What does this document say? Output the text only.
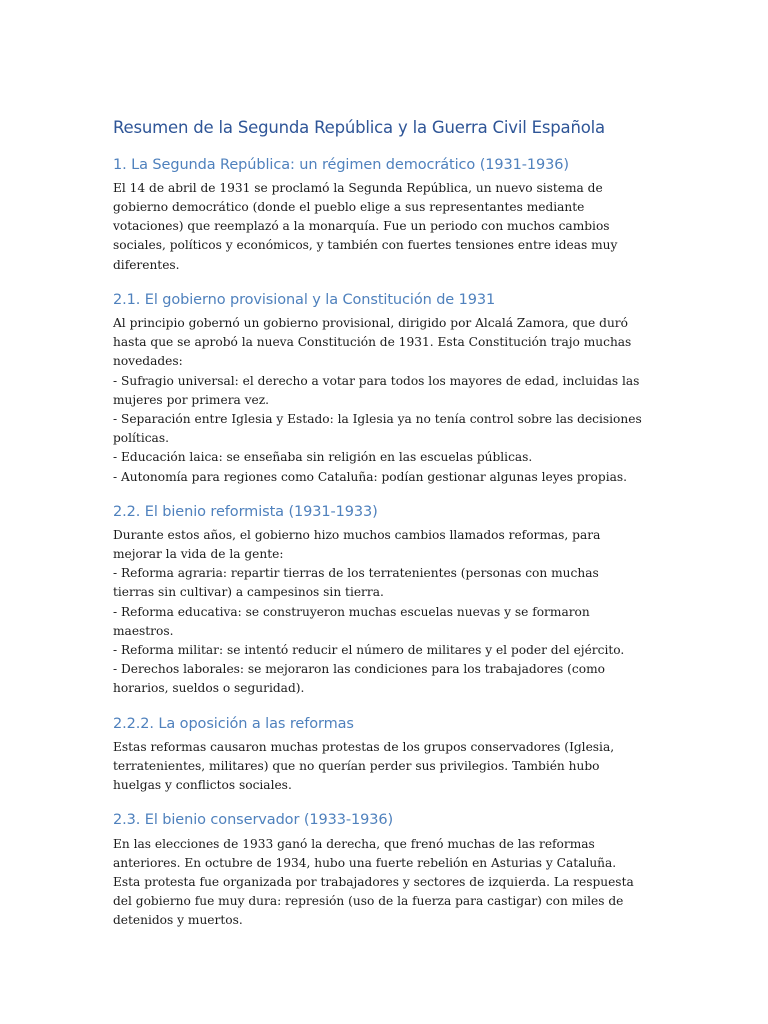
Resumen de la Segunda República y la Guerra Civil Española
1. La Segunda República: un régimen democrático (1931-1936)

El 14 de abril de 1931 se proclamó la Segunda República, un nuevo sistema de gobierno democrático (donde el pueblo elige a sus representantes mediante votaciones) que reemplazó a la monarquía. Fue un periodo con muchos cambios sociales, políticos y económicos, y también con fuertes tensiones entre ideas muy diferentes.

2.1. El gobierno provisional y la Constitución de 1931

Al principio gobernó un gobierno provisional, dirigido por Alcalá Zamora, que duró hasta que se aprobó la nueva Constitución de 1931. Esta Constitución trajo muchas novedades:
- Sufragio universal: el derecho a votar para todos los mayores de edad, incluidas las mujeres por primera vez.
- Separación entre Iglesia y Estado: la Iglesia ya no tenía control sobre las decisiones políticas.
- Educación laica: se enseñaba sin religión en las escuelas públicas.
- Autonomía para regiones como Cataluña: podían gestionar algunas leyes propias.

2.2. El bienio reformista (1931-1933)

Durante estos años, el gobierno hizo muchos cambios llamados reformas, para mejorar la vida de la gente:
- Reforma agraria: repartir tierras de los terratenientes (personas con muchas tierras sin cultivar) a campesinos sin tierra.
- Reforma educativa: se construyeron muchas escuelas nuevas y se formaron maestros.
- Reforma militar: se intentó reducir el número de militares y el poder del ejército.
- Derechos laborales: se mejoraron las condiciones para los trabajadores (como horarios, sueldos o seguridad).

2.2.2. La oposición a las reformas

Estas reformas causaron muchas protestas de los grupos conservadores (Iglesia, terratenientes, militares) que no querían perder sus privilegios. También hubo huelgas y conflictos sociales.

2.3. El bienio conservador (1933-1936)

En las elecciones de 1933 ganó la derecha, que frenó muchas de las reformas anteriores. En octubre de 1934, hubo una fuerte rebelión en Asturias y Cataluña. Esta protesta fue organizada por trabajadores y sectores de izquierda. La respuesta del gobierno fue muy dura: represión (uso de la fuerza para castigar) con miles de detenidos y muertos.
